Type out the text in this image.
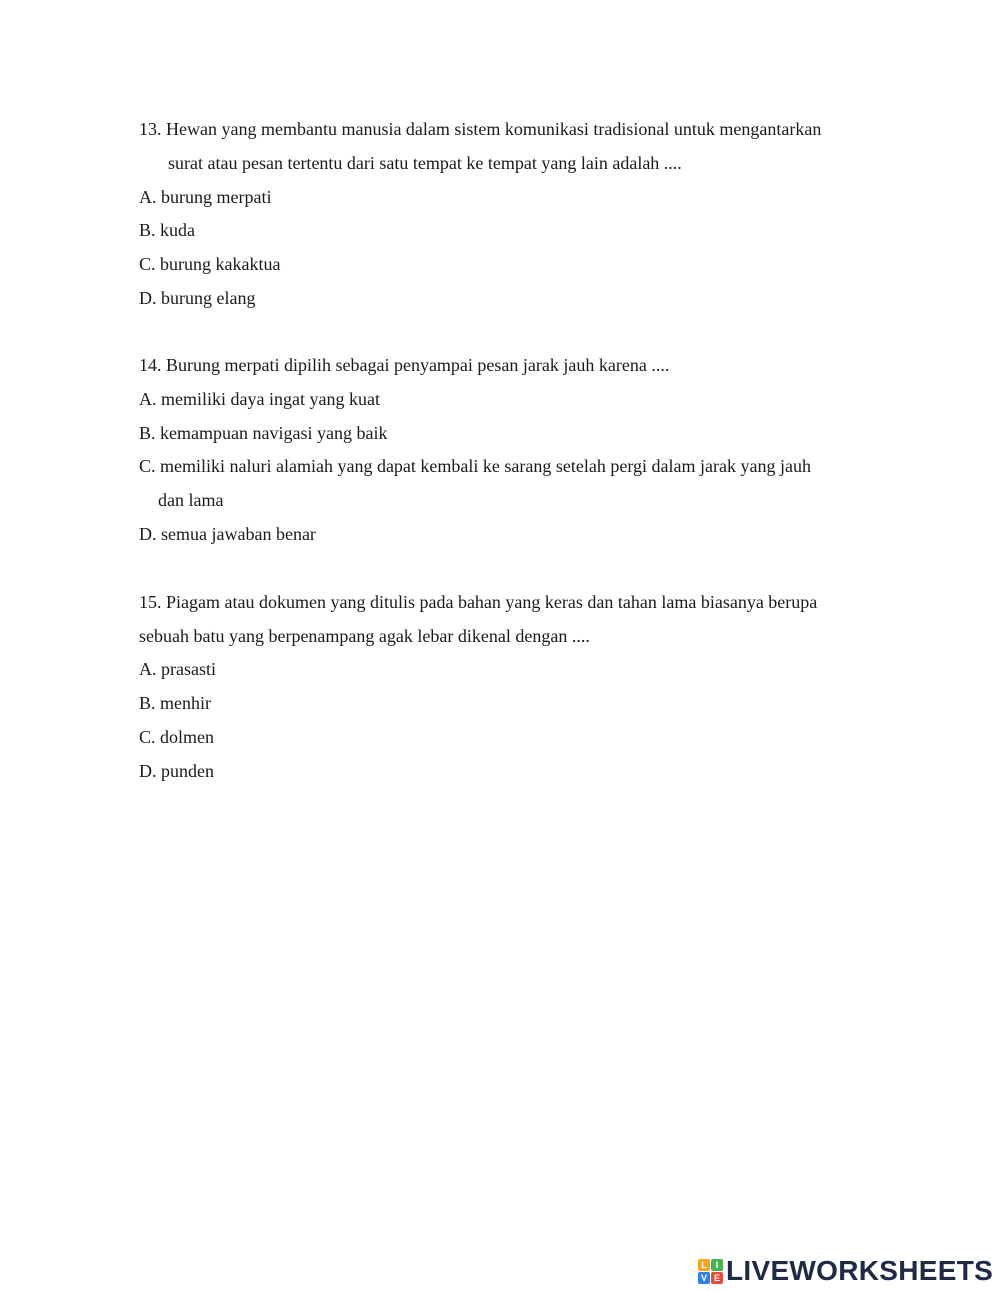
13. Hewan yang membantu manusia dalam sistem komunikasi tradisional untuk mengantarkan
surat atau pesan tertentu dari satu tempat ke tempat yang lain adalah ....
A. burung merpati
B. kuda
C. burung kakaktua
D. burung elang
14. Burung merpati dipilih sebagai penyampai pesan jarak jauh karena ....
A. memiliki daya ingat yang kuat
B. kemampuan navigasi yang baik
C. memiliki naluri alamiah yang dapat kembali ke sarang setelah pergi dalam jarak yang jauh
dan lama
D. semua jawaban benar
15. Piagam atau dokumen yang ditulis pada bahan yang keras dan tahan lama biasanya berupa
sebuah batu yang berpenampang agak lebar dikenal dengan ....
A. prasasti
B. menhir
C. dolmen
D. punden
L I
V E LIVEWORKSHEETS
